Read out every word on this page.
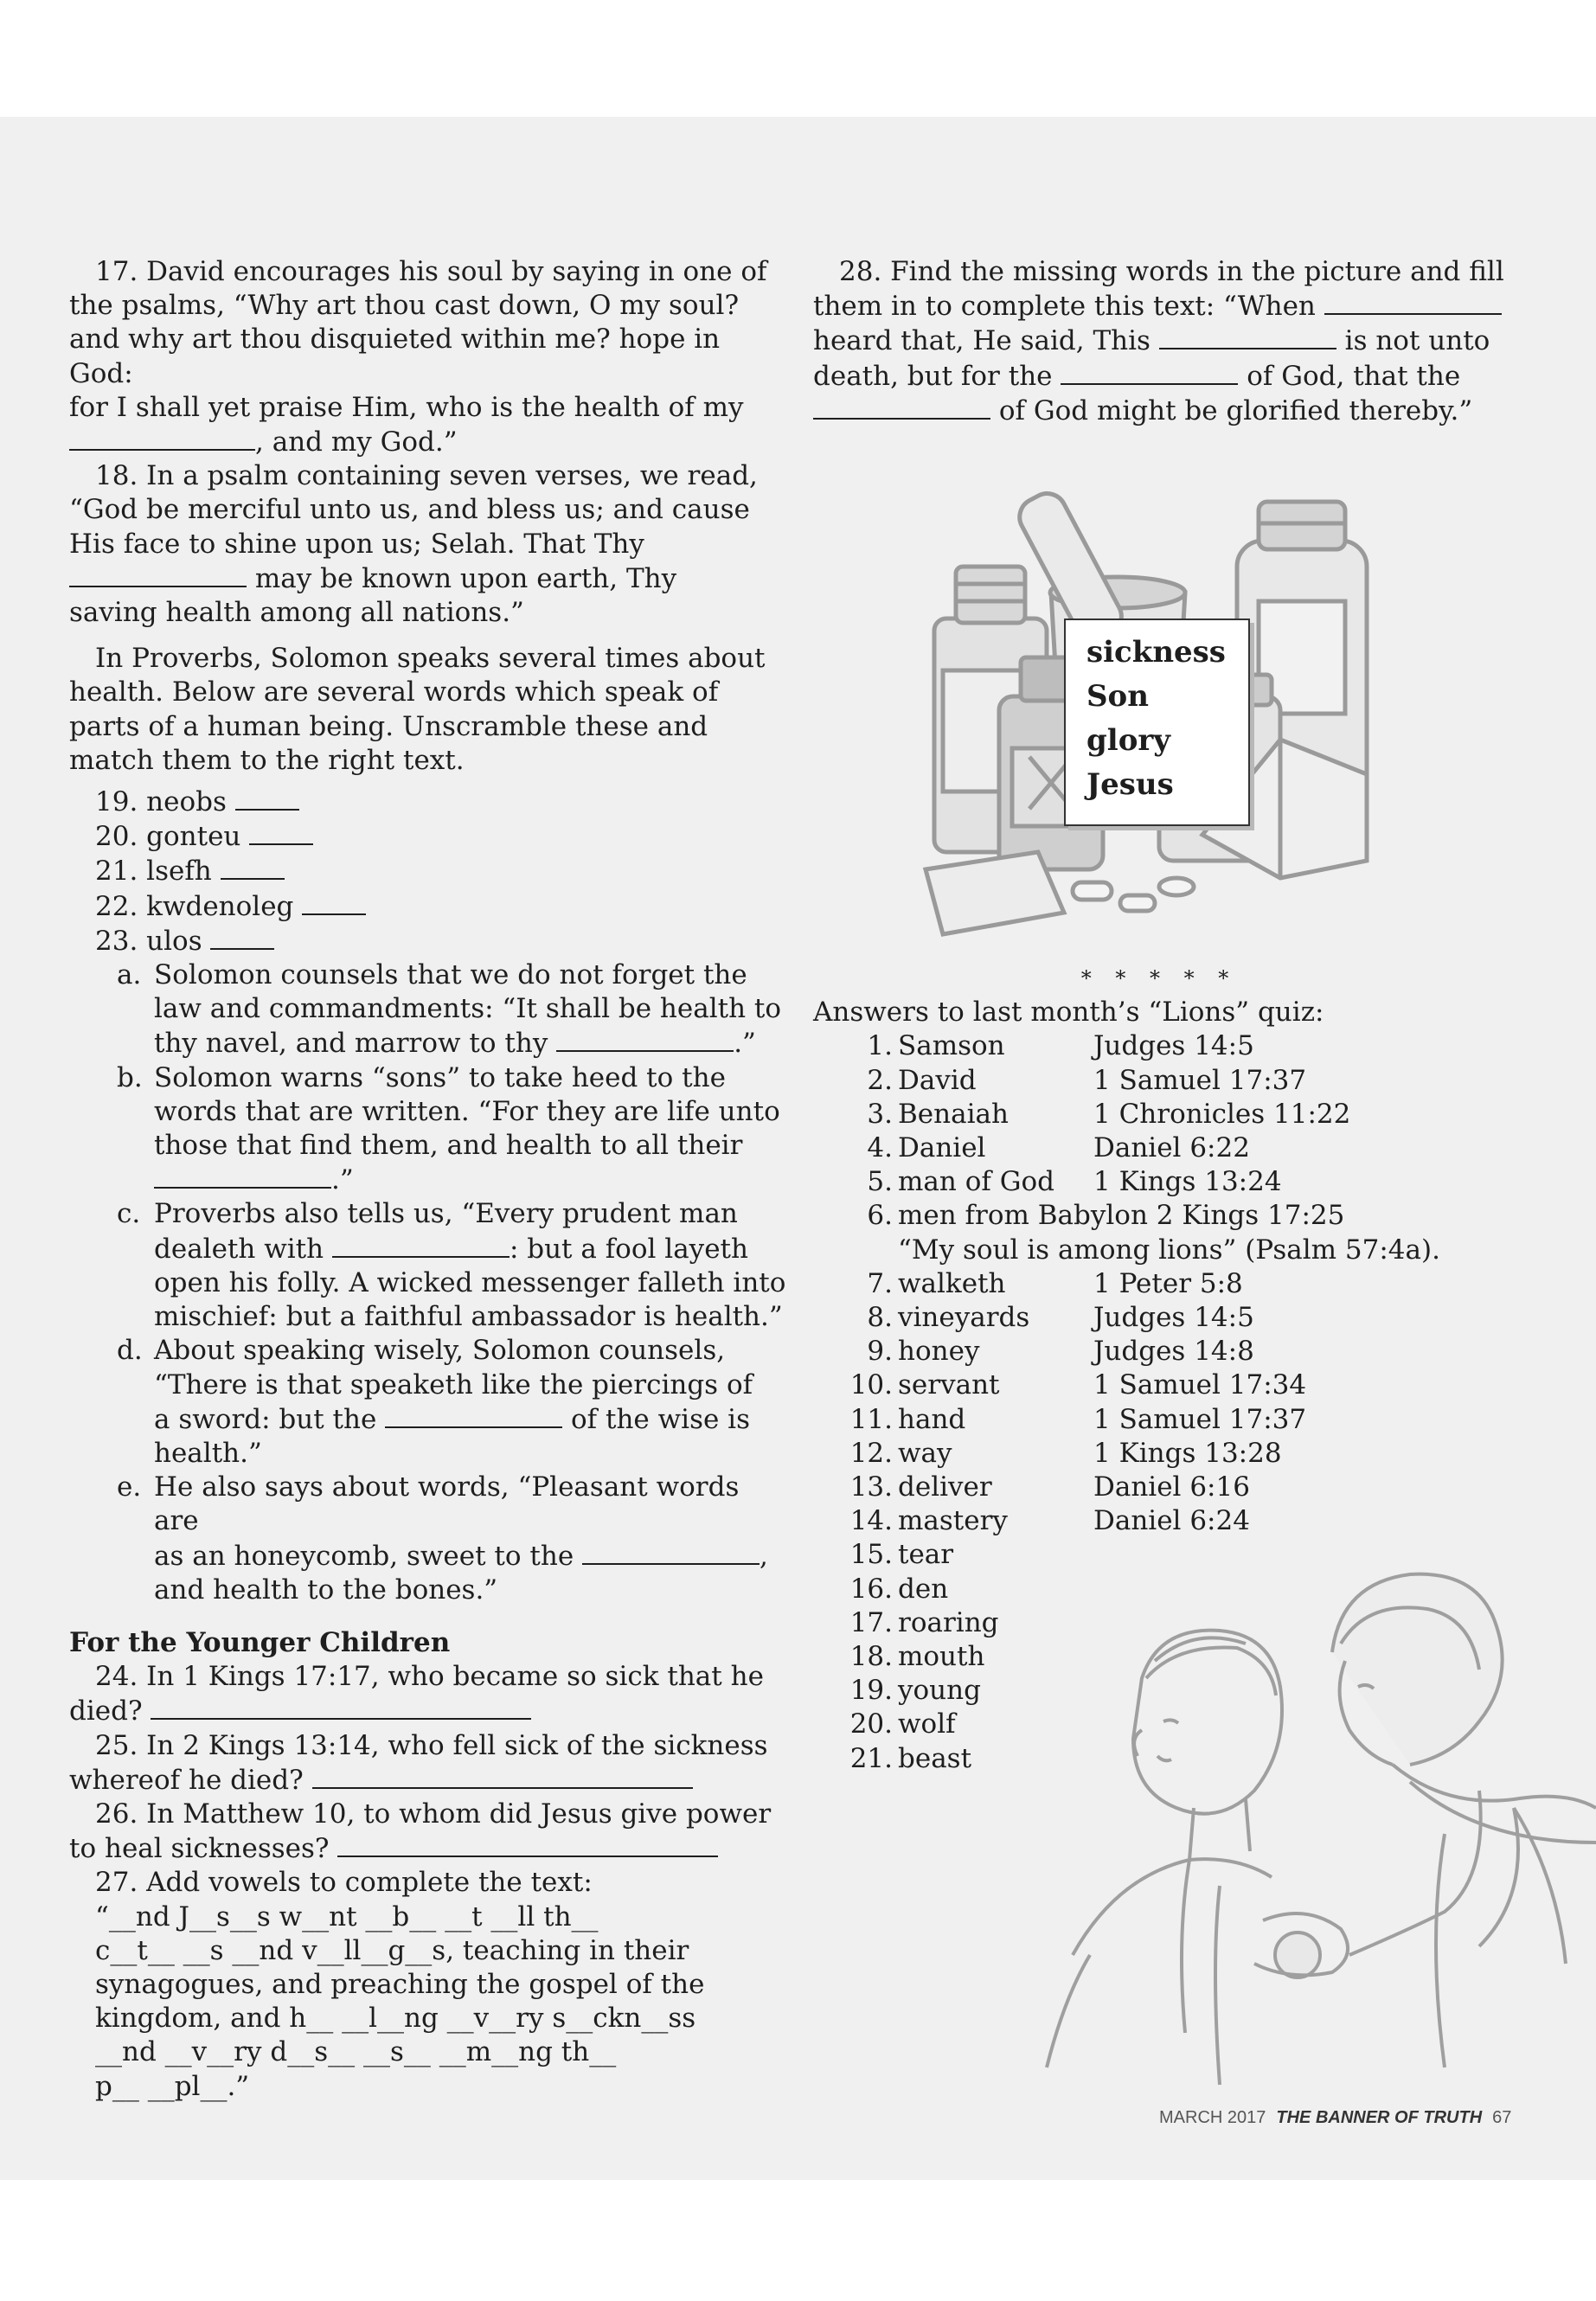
17. David encourages his soul by saying in one of
the psalms, “Why art thou cast down, O my soul?
and why art thou disquieted within me? hope in God:
for I shall yet praise Him, who is the health of my
, and my God.”

18. In a psalm containing seven verses, we read,
“God be merciful unto us, and bless us; and cause
His face to shine upon us; Selah. That Thy
may be known upon earth, Thy
saving health among all nations.”

In Proverbs, Solomon speaks several times about
health. Below are several words which speak of
parts of a human being. Unscramble these and
match them to the right text.

19. neobs

20. gonteu

21. lsefh

22. kwdenoleg

23. ulos

a. Solomon counsels that we do not forget the
law and commandments: “It shall be health to
thy navel, and marrow to thy	.”
b. Solomon warns “sons” to take heed to the
words that are written. “For they are life unto
those that find them, and health to all their
.”
c. Proverbs also tells us, “Every prudent man
dealeth with	: but a fool layeth
open his folly. A wicked messenger falleth into
mischief: but a faithful ambassador is health.”
d. About speaking wisely, Solomon counsels,
“There is that speaketh like the piercings of
a sword: but the	of the wise is
health.”
e. He also says about words, “Pleasant words are
as an honeycomb, sweet to the	,
and health to the bones.”

For the Younger Children

24. In 1 Kings 17:17, who became so sick that he
died?

25. In 2 Kings 13:14, who fell sick of the sickness
whereof he died?

26. In Matthew 10, to whom did Jesus give power
to heal sicknesses?

27. Add vowels to complete the text:

“__nd J__s__s w__nt __b__ __t __ll th__

c__t__ __s __nd v__ll__g__s, teaching in their

synagogues, and preaching the gospel of the

kingdom, and h__ __l__ng __v__ry s__ckn__ss

__nd __v__ry d__s__ __s__ __m__ng th__

p__ __pl__.”

28. Find the missing words in the picture and fill
them in to complete this text: “When
heard that, He said, This	is not unto
death, but for the	of God, that the
of God might be glorified thereby.”

sickness
Son
glory
Jesus

* * * * *

Answers to last month’s “Lions” quiz:

1. Samson	Judges 14:5
2. David	1 Samuel 17:37
3. Benaiah	1 Chronicles 11:22
4. Daniel	Daniel 6:22
5. man of God	1 Kings 13:24
6. men from Babylon 2 Kings 17:25
“My soul is among lions” (Psalm 57:4a).
7. walketh	1 Peter 5:8
8. vineyards	Judges 14:5
9. honey	Judges 14:8
10. servant	1 Samuel 17:34
11. hand	1 Samuel 17:37
12. way	1 Kings 13:28
13. deliver	Daniel 6:16
14. mastery	Daniel 6:24
15. tear
16. den
17. roaring
18. mouth
19. young
20. wolf
21. beast
MARCH 2017 THE BANNER OF TRUTH 67
